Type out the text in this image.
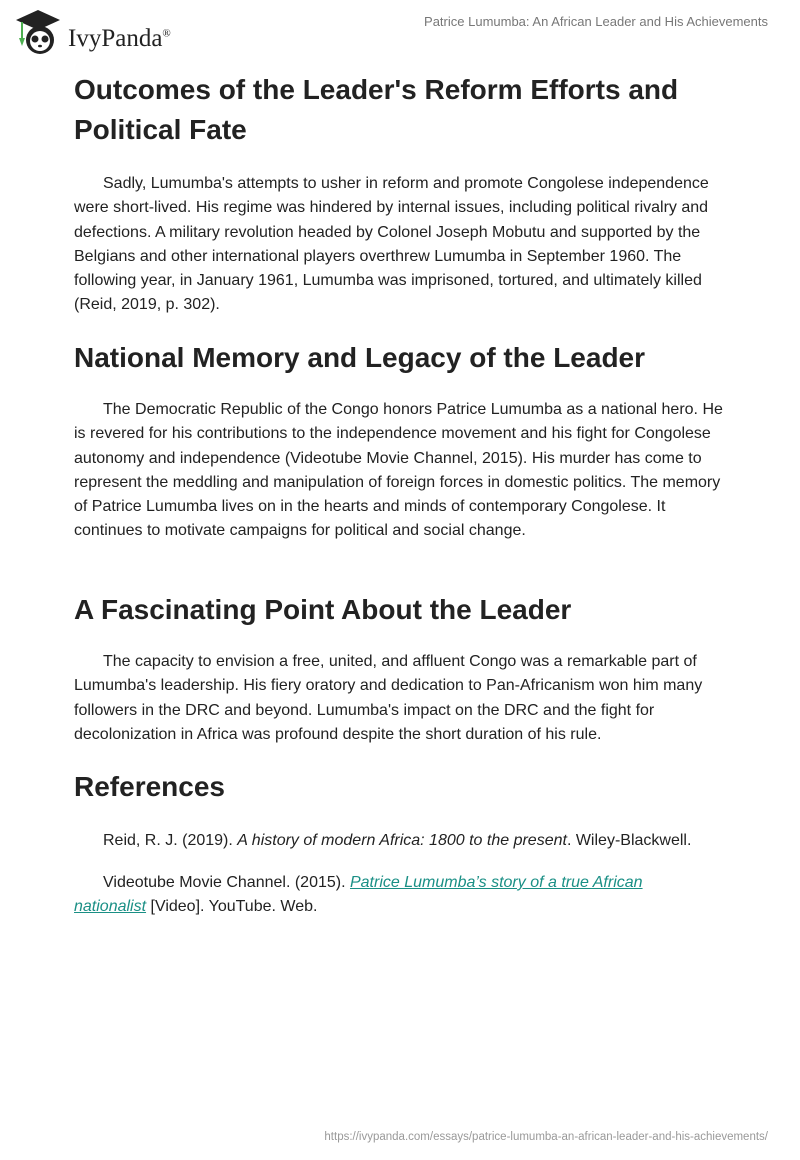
IvyPanda®
Patrice Lumumba: An African Leader and His Achievements
Outcomes of the Leader's Reform Efforts and Political Fate

Sadly, Lumumba's attempts to usher in reform and promote Congolese independence were short-lived. His regime was hindered by internal issues, including political rivalry and defections. A military revolution headed by Colonel Joseph Mobutu and supported by the Belgians and other international players overthrew Lumumba in September 1960. The following year, in January 1961, Lumumba was imprisoned, tortured, and ultimately killed (Reid, 2019, p. 302).

National Memory and Legacy of the Leader

The Democratic Republic of the Congo honors Patrice Lumumba as a national hero. He is revered for his contributions to the independence movement and his fight for Congolese autonomy and independence (Videotube Movie Channel, 2015). His murder has come to represent the meddling and manipulation of foreign forces in domestic politics. The memory of Patrice Lumumba lives on in the hearts and minds of contemporary Congolese. It continues to motivate campaigns for political and social change.

A Fascinating Point About the Leader

The capacity to envision a free, united, and affluent Congo was a remarkable part of Lumumba's leadership. His fiery oratory and dedication to Pan-Africanism won him many followers in the DRC and beyond. Lumumba's impact on the DRC and the fight for decolonization in Africa was profound despite the short duration of his rule.

References

Reid, R. J. (2019). A history of modern Africa: 1800 to the present. Wiley-Blackwell.

Videotube Movie Channel. (2015). Patrice Lumumba’s story of a true African nationalist [Video]. YouTube. Web.

https://ivypanda.com/essays/patrice-lumumba-an-african-leader-and-his-achievements/
